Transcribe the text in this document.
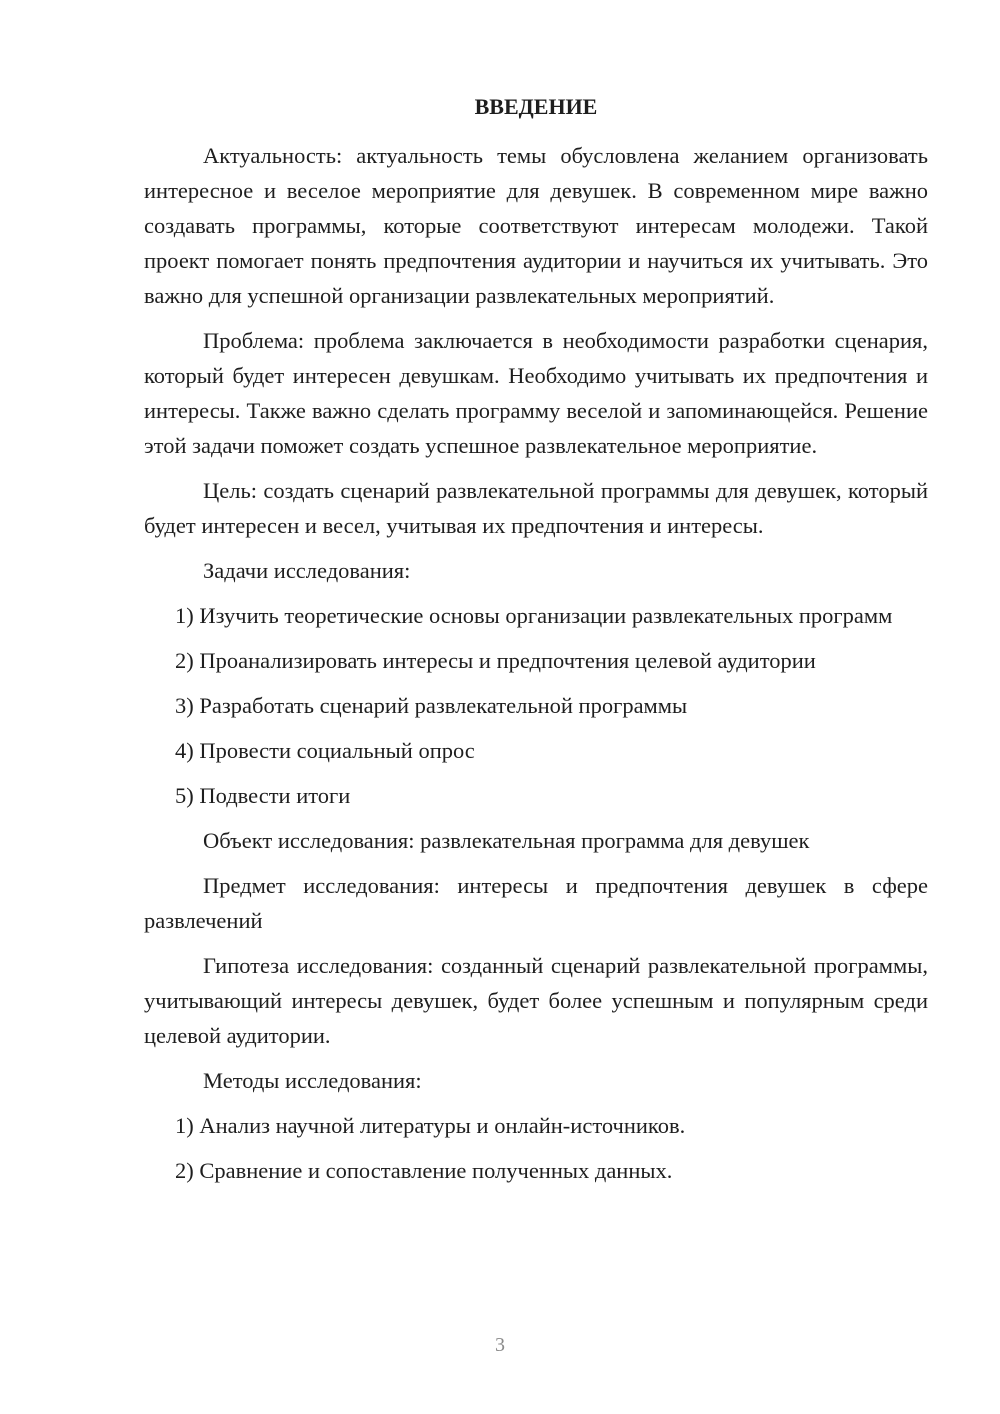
ВВЕДЕНИЕ
Актуальность: актуальность темы обусловлена желанием организовать интересное и веселое мероприятие для девушек. В современном мире важно создавать программы, которые соответствуют интересам молодежи. Такой проект помогает понять предпочтения аудитории и научиться их учитывать. Это важно для успешной организации развлекательных мероприятий.
Проблема: проблема заключается в необходимости разработки сценария, который будет интересен девушкам. Необходимо учитывать их предпочтения и интересы. Также важно сделать программу веселой и запоминающейся. Решение этой задачи поможет создать успешное развлекательное мероприятие.
Цель: создать сценарий развлекательной программы для девушек, который будет интересен и весел, учитывая их предпочтения и интересы.
Задачи исследования:
1) Изучить теоретические основы организации развлекательных программ
2) Проанализировать интересы и предпочтения целевой аудитории
3) Разработать сценарий развлекательной программы
4) Провести социальный опрос
5) Подвести итоги
Объект исследования: развлекательная программа для девушек
Предмет исследования: интересы и предпочтения девушек в сфере развлечений
Гипотеза исследования: созданный сценарий развлекательной программы, учитывающий интересы девушек, будет более успешным и популярным среди целевой аудитории.
Методы исследования:
1) Анализ научной литературы и онлайн-источников.
2) Сравнение и сопоставление полученных данных.
3
